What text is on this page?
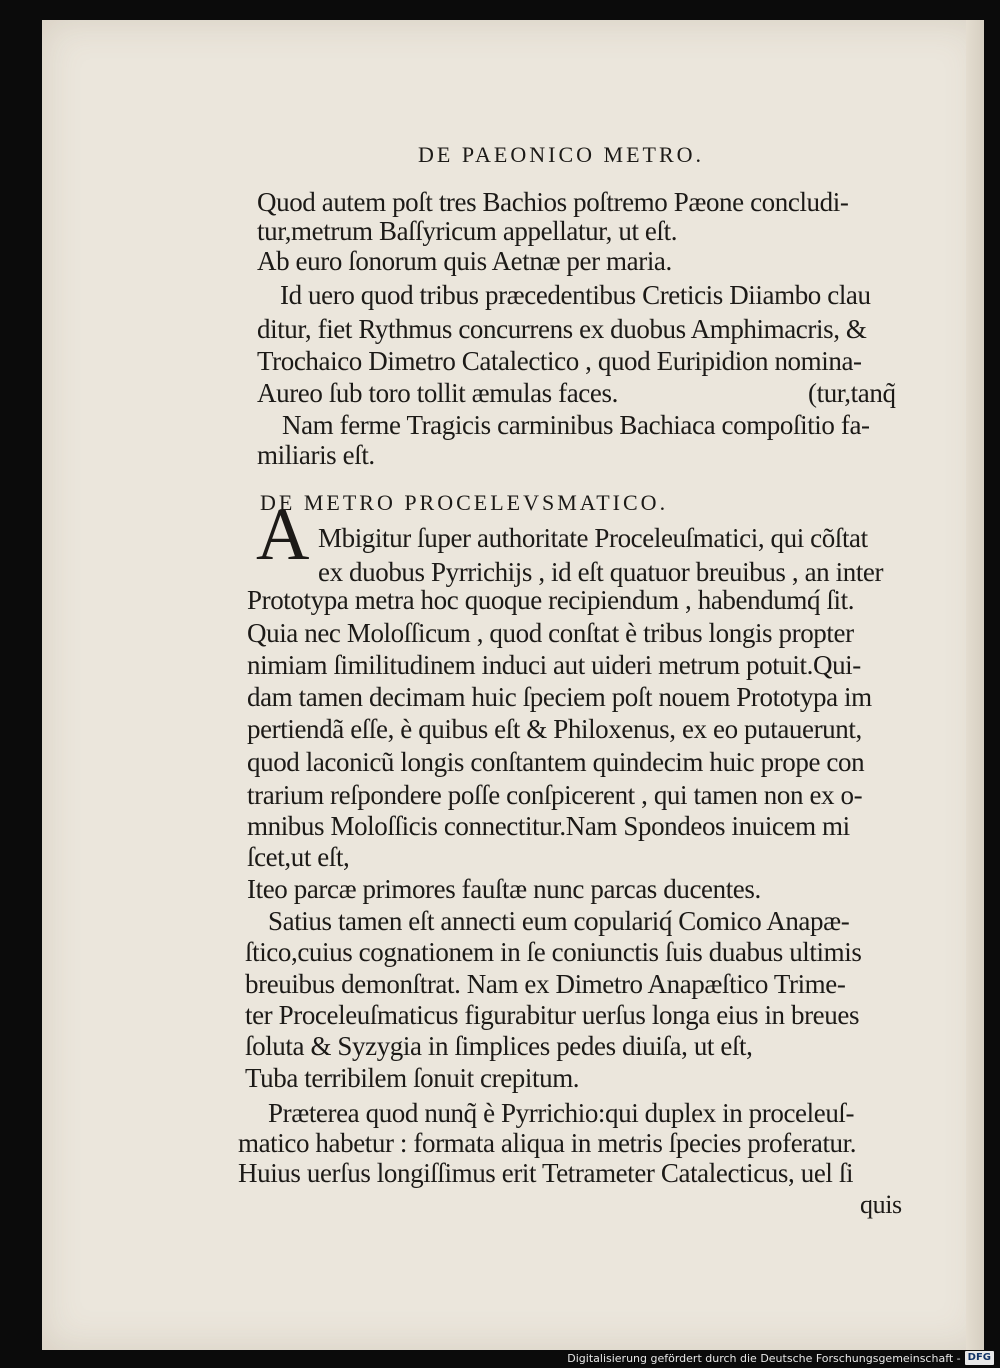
DE PAEONICO METRO.
Quod autem poſt tres Bachios poſtremo Pæone concludi-
tur,metrum Baſſyricum appellatur, ut eſt.
Ab euro ſonorum quis Aetnæ per maria.
Id uero quod tribus præcedentibus Creticis Diiambo clau
ditur, fiet Rythmus concurrens ex duobus Amphimacris, &
Trochaico Dimetro Catalectico , quod Euripidion nomina-
Aureo ſub toro tollit æmulas faces.	(tur,tanq̃
Nam ferme Tragicis carminibus Bachiaca compoſitio fa-
miliaris eſt.
DE METRO PROCELEVSMATICO.
A Mbigitur ſuper authoritate Proceleuſmatici, qui cõſtat
ex duobus Pyrrichijs , id eſt quatuor breuibus , an inter
Prototypa metra hoc quoque recipiendum , habendumq́ ſit.
Quia nec Moloſſicum , quod conſtat è tribus longis propter
nimiam ſimilitudinem induci aut uideri metrum potuit.Qui-
dam tamen decimam huic ſpeciem poſt nouem Prototypa im
pertiendã eſſe, è quibus eſt & Philoxenus, ex eo putauerunt,
quod laconicũ longis conſtantem quindecim huic prope con
trarium reſpondere poſſe conſpicerent , qui tamen non ex o-
mnibus Moloſſicis connectitur.Nam Spondeos inuicem mi
ſcet,ut eſt,
Iteo parcæ primores fauſtæ nunc parcas ducentes.
Satius tamen eſt annecti eum copulariq́ Comico Anapæ-
ſtico,cuius cognationem in ſe coniunctis ſuis duabus ultimis
breuibus demonſtrat. Nam ex Dimetro Anapæſtico Trime-
ter Proceleuſmaticus figurabitur uerſus longa eius in breues
ſoluta & Syzygia in ſimplices pedes diuiſa, ut eſt,
Tuba terribilem ſonuit crepitum.
Præterea quod nunq̃ è Pyrrichio:qui duplex in proceleuſ-
matico habetur : formata aliqua in metris ſpecies proferatur.
Huius uerſus longiſſimus erit Tetrameter Catalecticus, uel ſi
quis
Digitalisierung gefördert durch die Deutsche Forschungsgemeinschaft - DFG
